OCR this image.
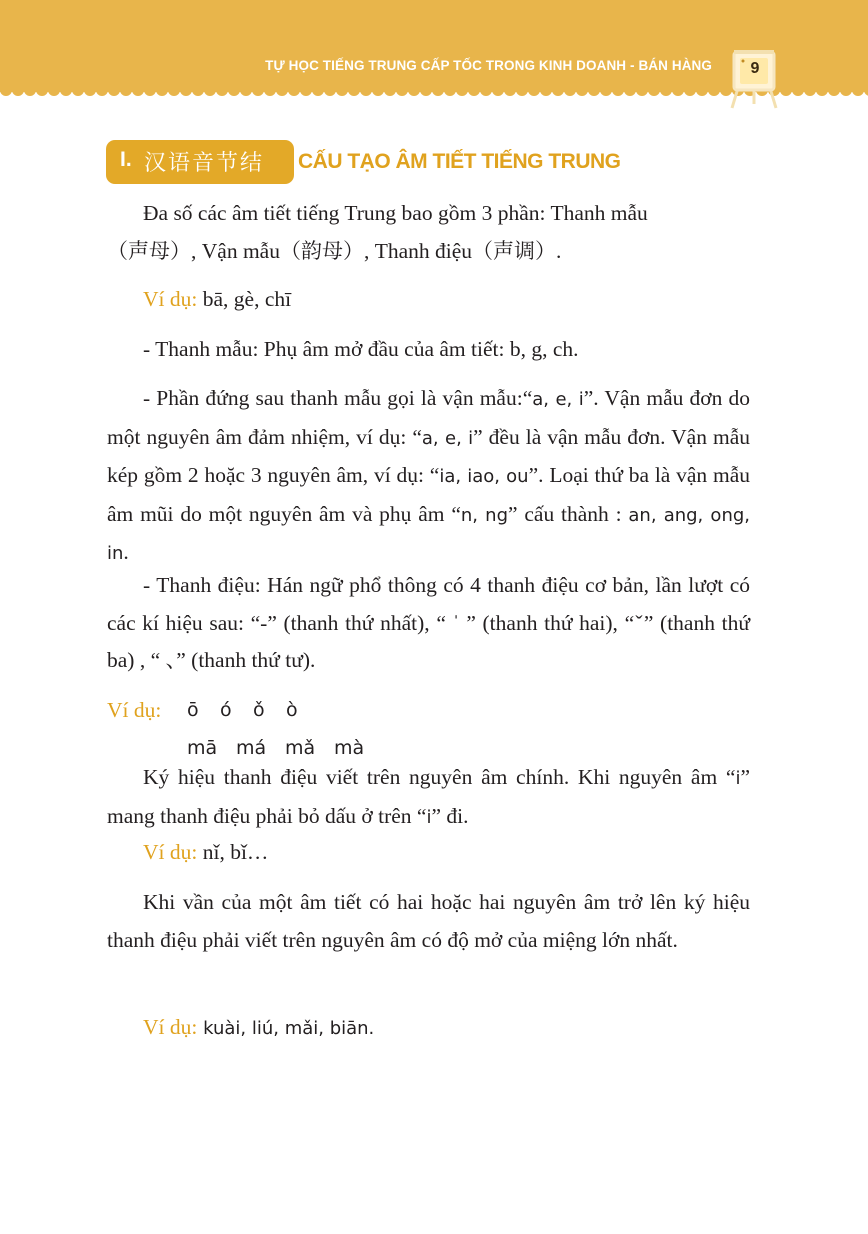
TỰ HỌC TIẾNG TRUNG CẤP TỐC TRONG KINH DOANH - BÁN HÀNG	9
I. 汉语音节结 CẤU TẠO ÂM TIẾT TIẾNG TRUNG

Đa số các âm tiết tiếng Trung bao gồm 3 phần: Thanh mẫu
（声母）, Vận mẫu（韵母）, Thanh điệu（声调）.

Ví dụ: bā, gè, chī

- Thanh mẫu: Phụ âm mở đầu của âm tiết: b, g, ch.

- Phần đứng sau thanh mẫu gọi là vận mẫu:“a, e, i”. Vận mẫu đơn do một nguyên âm đảm nhiệm, ví dụ: “a, e, i” đều là vận mẫu đơn. Vận mẫu kép gồm 2 hoặc 3 nguyên âm, ví dụ: “ia, iao, ou”. Loại thứ ba là vận mẫu âm mũi do một nguyên âm và phụ âm “n, ng” cấu thành : an, ang, ong, in.

- Thanh điệu: Hán ngữ phổ thông có 4 thanh điệu cơ bản, lần lượt có các kí hiệu sau: “-” (thanh thứ nhất), “ ˈ ” (thanh thứ hai), “ˇ” (thanh thứ ba) , “ 、” (thanh thứ tư).

Ví dụ:	ō ó ǒ ò
mā má mǎ mà

Ký hiệu thanh điệu viết trên nguyên âm chính. Khi nguyên âm “i” mang thanh điệu phải bỏ dấu ở trên “i” đi.

Ví dụ: nǐ, bǐ…

Khi vần của một âm tiết có hai hoặc hai nguyên âm trở lên ký hiệu thanh điệu phải viết trên nguyên âm có độ mở của miệng lớn nhất.

Ví dụ: kuài, liú, mǎi, biān.
